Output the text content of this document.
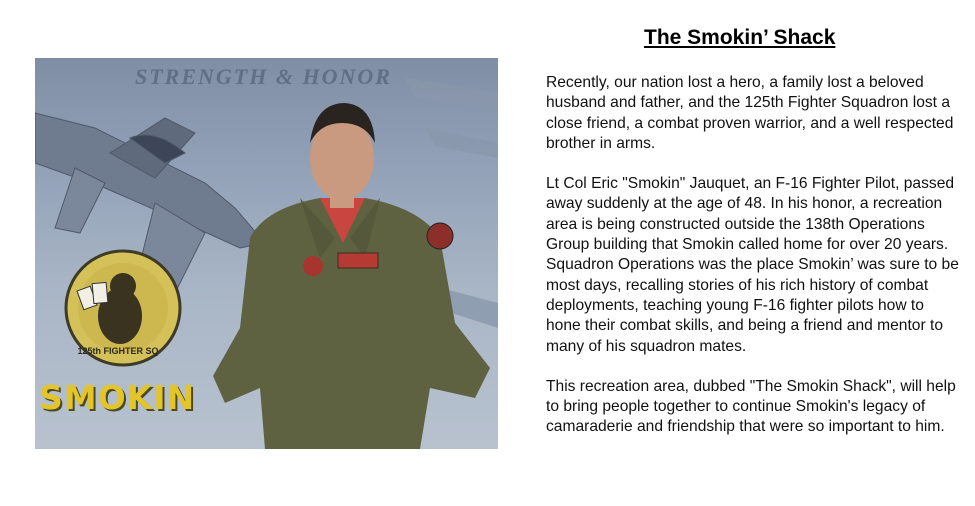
STRENGTH & HONOR
125th FIGHTER SQ
SMOKIN
The Smokin’ Shack

Recently, our nation lost a hero, a family lost a beloved husband and father, and the 125th Fighter Squadron lost a close friend, a combat proven warrior, and a well respected brother in arms.

Lt Col Eric "Smokin" Jauquet, an F-16 Fighter Pilot, passed away suddenly at the age of 48. In his honor, a recreation area is being constructed outside the 138th Operations Group building that Smokin called home for over 20 years. Squadron Operations was the place Smokin’ was sure to be most days, recalling stories of his rich history of combat deployments, teaching young F-16 fighter pilots how to hone their combat skills, and being a friend and mentor to many of his squadron mates.

This recreation area, dubbed "The Smokin Shack", will help to bring people together to continue Smokin's legacy of camaraderie and friendship that were so important to him.
